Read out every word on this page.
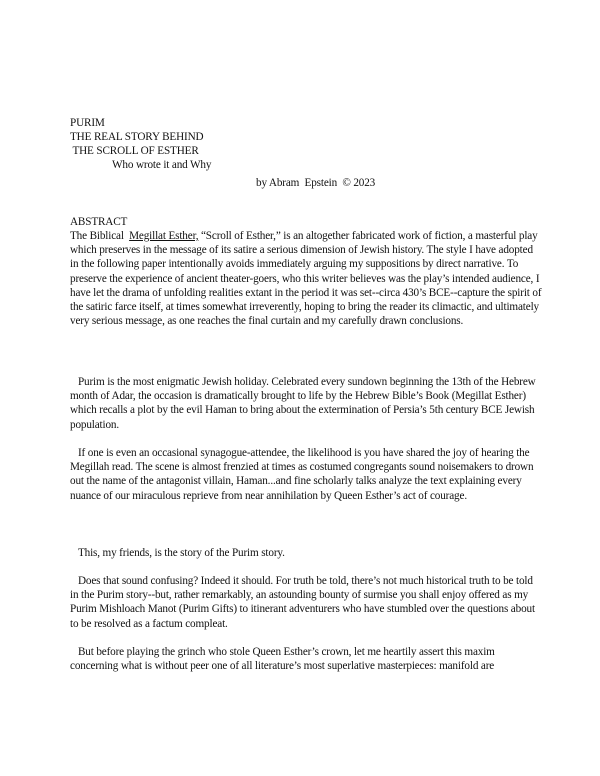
PURIM
THE REAL STORY BEHIND
THE SCROLL OF ESTHER
Who wrote it and Why
by Abram  Epstein  © 2023
ABSTRACT

The Biblical  Megillat Esther, “Scroll of Esther,” is an altogether fabricated work of fiction, a masterful play which preserves in the message of its satire a serious dimension of Jewish history. The style I have adopted in the following paper intentionally avoids immediately arguing my suppositions by direct narrative. To preserve the experience of ancient theater-goers, who this writer believes was the play’s intended audience, I have let the drama of unfolding realities extant in the period it was set--circa 430’s BCE--capture the spirit of the satiric farce itself, at times somewhat irreverently, hoping to bring the reader its climactic, and ultimately very serious message, as one reaches the final curtain and my carefully drawn conclusions.

Purim is the most enigmatic Jewish holiday. Celebrated every sundown beginning the 13th of the Hebrew month of Adar, the occasion is dramatically brought to life by the Hebrew Bible’s Book (Megillat Esther) which recalls a plot by the evil Haman to bring about the extermination of Persia’s 5th century BCE Jewish population.

If one is even an occasional synagogue-attendee, the likelihood is you have shared the joy of hearing the Megillah read. The scene is almost frenzied at times as costumed congregants sound noisemakers to drown out the name of the antagonist villain, Haman...and fine scholarly talks analyze the text explaining every nuance of our miraculous reprieve from near annihilation by Queen Esther’s act of courage.

This, my friends, is the story of the Purim story.

Does that sound confusing? Indeed it should. For truth be told, there’s not much historical truth to be told in the Purim story--but, rather remarkably, an astounding bounty of surmise you shall enjoy offered as my Purim Mishloach Manot (Purim Gifts) to itinerant adventurers who have stumbled over the questions about to be resolved as a factum compleat.

But before playing the grinch who stole Queen Esther’s crown, let me heartily assert this maxim concerning what is without peer one of all literature’s most superlative masterpieces: manifold are
